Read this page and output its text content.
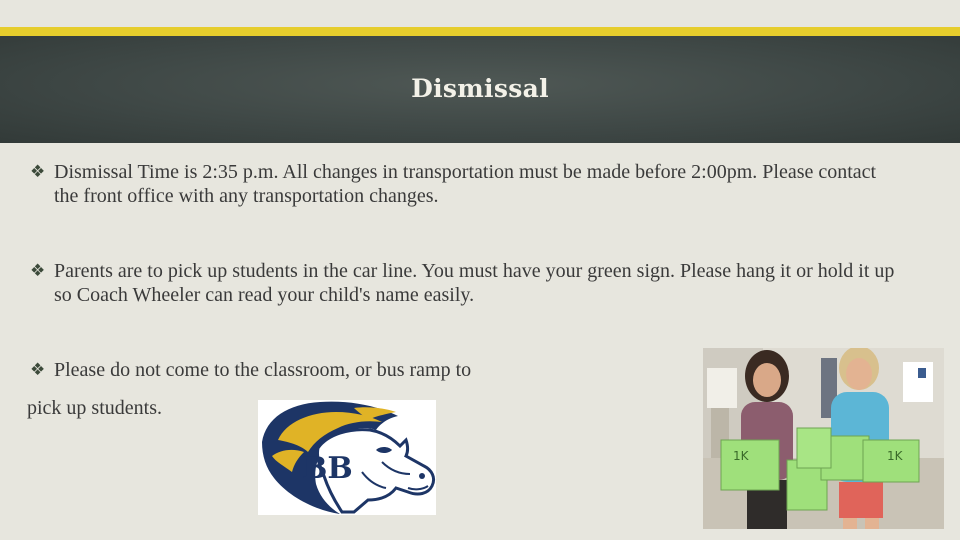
Dismissal
❖ Dismissal Time is 2:35 p.m. All changes in transportation must be made before 2:00pm. Please contact the front office with any transportation changes.
❖ Parents are to pick up students in the car line. You must have your green sign. Please hang it or hold it up so Coach Wheeler can read your child's name easily.
❖ Please do not come to the classroom, or bus ramp to
pick up students.
BB	1K	1K
